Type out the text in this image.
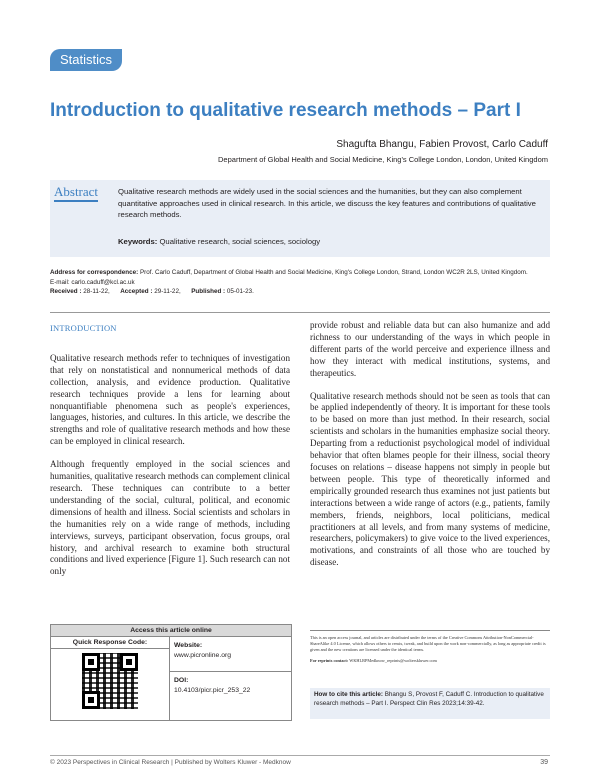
Statistics
Introduction to qualitative research methods – Part I
Shagufta Bhangu, Fabien Provost, Carlo Caduff
Department of Global Health and Social Medicine, King's College London, London, United Kingdom
Abstract	Qualitative research methods are widely used in the social sciences and the humanities, but they can also complement quantitative approaches used in clinical research. In this article, we discuss the key features and contributions of qualitative research methods.

Keywords: Qualitative research, social sciences, sociology
Address for correspondence: Prof. Carlo Caduff, Department of Global Health and Social Medicine, King's College London, Strand, London WC2R 2LS, United Kingdom.
E-mail: carlo.caduff@kcl.ac.uk
Received : 28-11-22, Accepted : 29-11-22, Published : 05-01-23.
INTRODUCTION

Qualitative research methods refer to techniques of investigation that rely on nonstatistical and nonnumerical methods of data collection, analysis, and evidence production. Qualitative research techniques provide a lens for learning about nonquantifiable phenomena such as people's experiences, languages, histories, and cultures. In this article, we describe the strengths and role of qualitative research methods and how these can be employed in clinical research.

Although frequently employed in the social sciences and humanities, qualitative research methods can complement clinical research. These techniques can contribute to a better understanding of the social, cultural, political, and economic dimensions of health and illness. Social scientists and scholars in the humanities rely on a wide range of methods, including interviews, surveys, participant observation, focus groups, oral history, and archival research to examine both structural conditions and lived experience [Figure 1]. Such research can not only

provide robust and reliable data but can also humanize and add richness to our understanding of the ways in which people in different parts of the world perceive and experience illness and how they interact with medical institutions, systems, and therapeutics.

Qualitative research methods should not be seen as tools that can be applied independently of theory. It is important for these tools to be based on more than just method. In their research, social scientists and scholars in the humanities emphasize social theory. Departing from a reductionist psychological model of individual behavior that often blames people for their illness, social theory focuses on relations – disease happens not simply in people but between people. This type of theoretically informed and empirically grounded research thus examines not just patients but interactions between a wide range of actors (e.g., patients, family members, friends, neighbors, local politicians, medical practitioners at all levels, and from many systems of medicine, researchers, policymakers) to give voice to the lived experiences, motivations, and constraints of all those who are touched by disease.

Access this article online
Quick Response Code:	Website:
www.picronline.org
DOI:
10.4103/picr.picr_253_22
This is an open access journal, and articles are distributed under the terms of the Creative Commons Attribution-NonCommercial-ShareAlike 4.0 License, which allows others to remix, tweak, and build upon the work non-commercially, as long as appropriate credit is given and the new creations are licensed under the identical terms.
For reprints contact: WKHLRPMedknow_reprints@wolterskluwer.com
How to cite this article: Bhangu S, Provost F, Caduff C. Introduction to qualitative research methods – Part I. Perspect Clin Res 2023;14:39-42.
© 2023 Perspectives in Clinical Research | Published by Wolters Kluwer - Medknow	39
